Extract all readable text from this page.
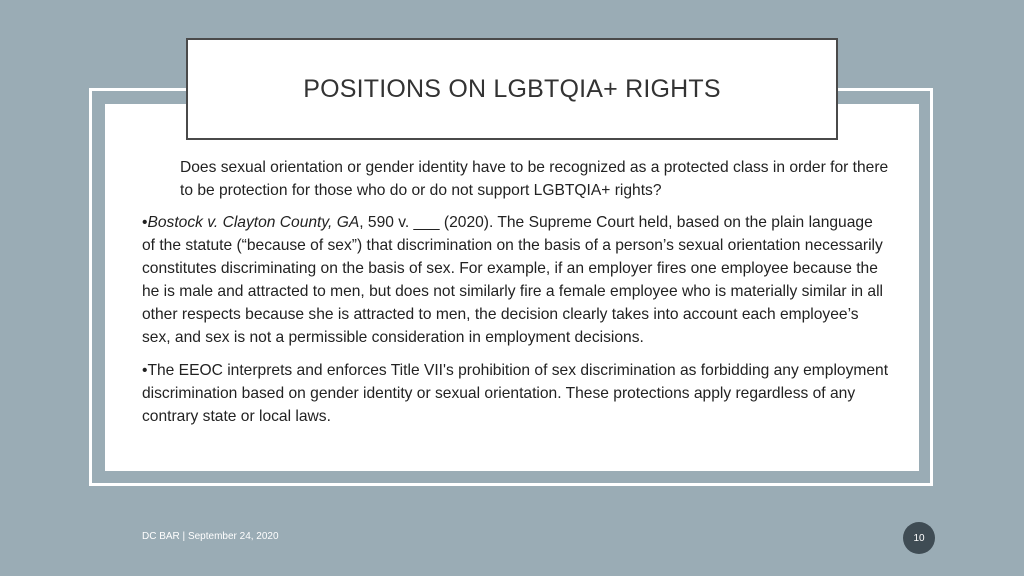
POSITIONS ON LGBTQIA+ RIGHTS

Does sexual orientation or gender identity have to be recognized as a protected class in order for there to be protection for those who do or do not support LGBTQIA+ rights?

•Bostock v. Clayton County, GA, 590 v. ___ (2020). The Supreme Court held, based on the plain language of the statute (“because of sex”) that discrimination on the basis of a person’s sexual orientation necessarily constitutes discriminating on the basis of sex. For example, if an employer fires one employee because the he is male and attracted to men, but does not similarly fire a female employee who is materially similar in all other respects because she is attracted to men, the decision clearly takes into account each employee’s sex, and sex is not a permissible consideration in employment decisions.

•The EEOC interprets and enforces Title VII's prohibition of sex discrimination as forbidding any employment discrimination based on gender identity or sexual orientation. These protections apply regardless of any contrary state or local laws.

DC BAR | September 24, 2020	10
